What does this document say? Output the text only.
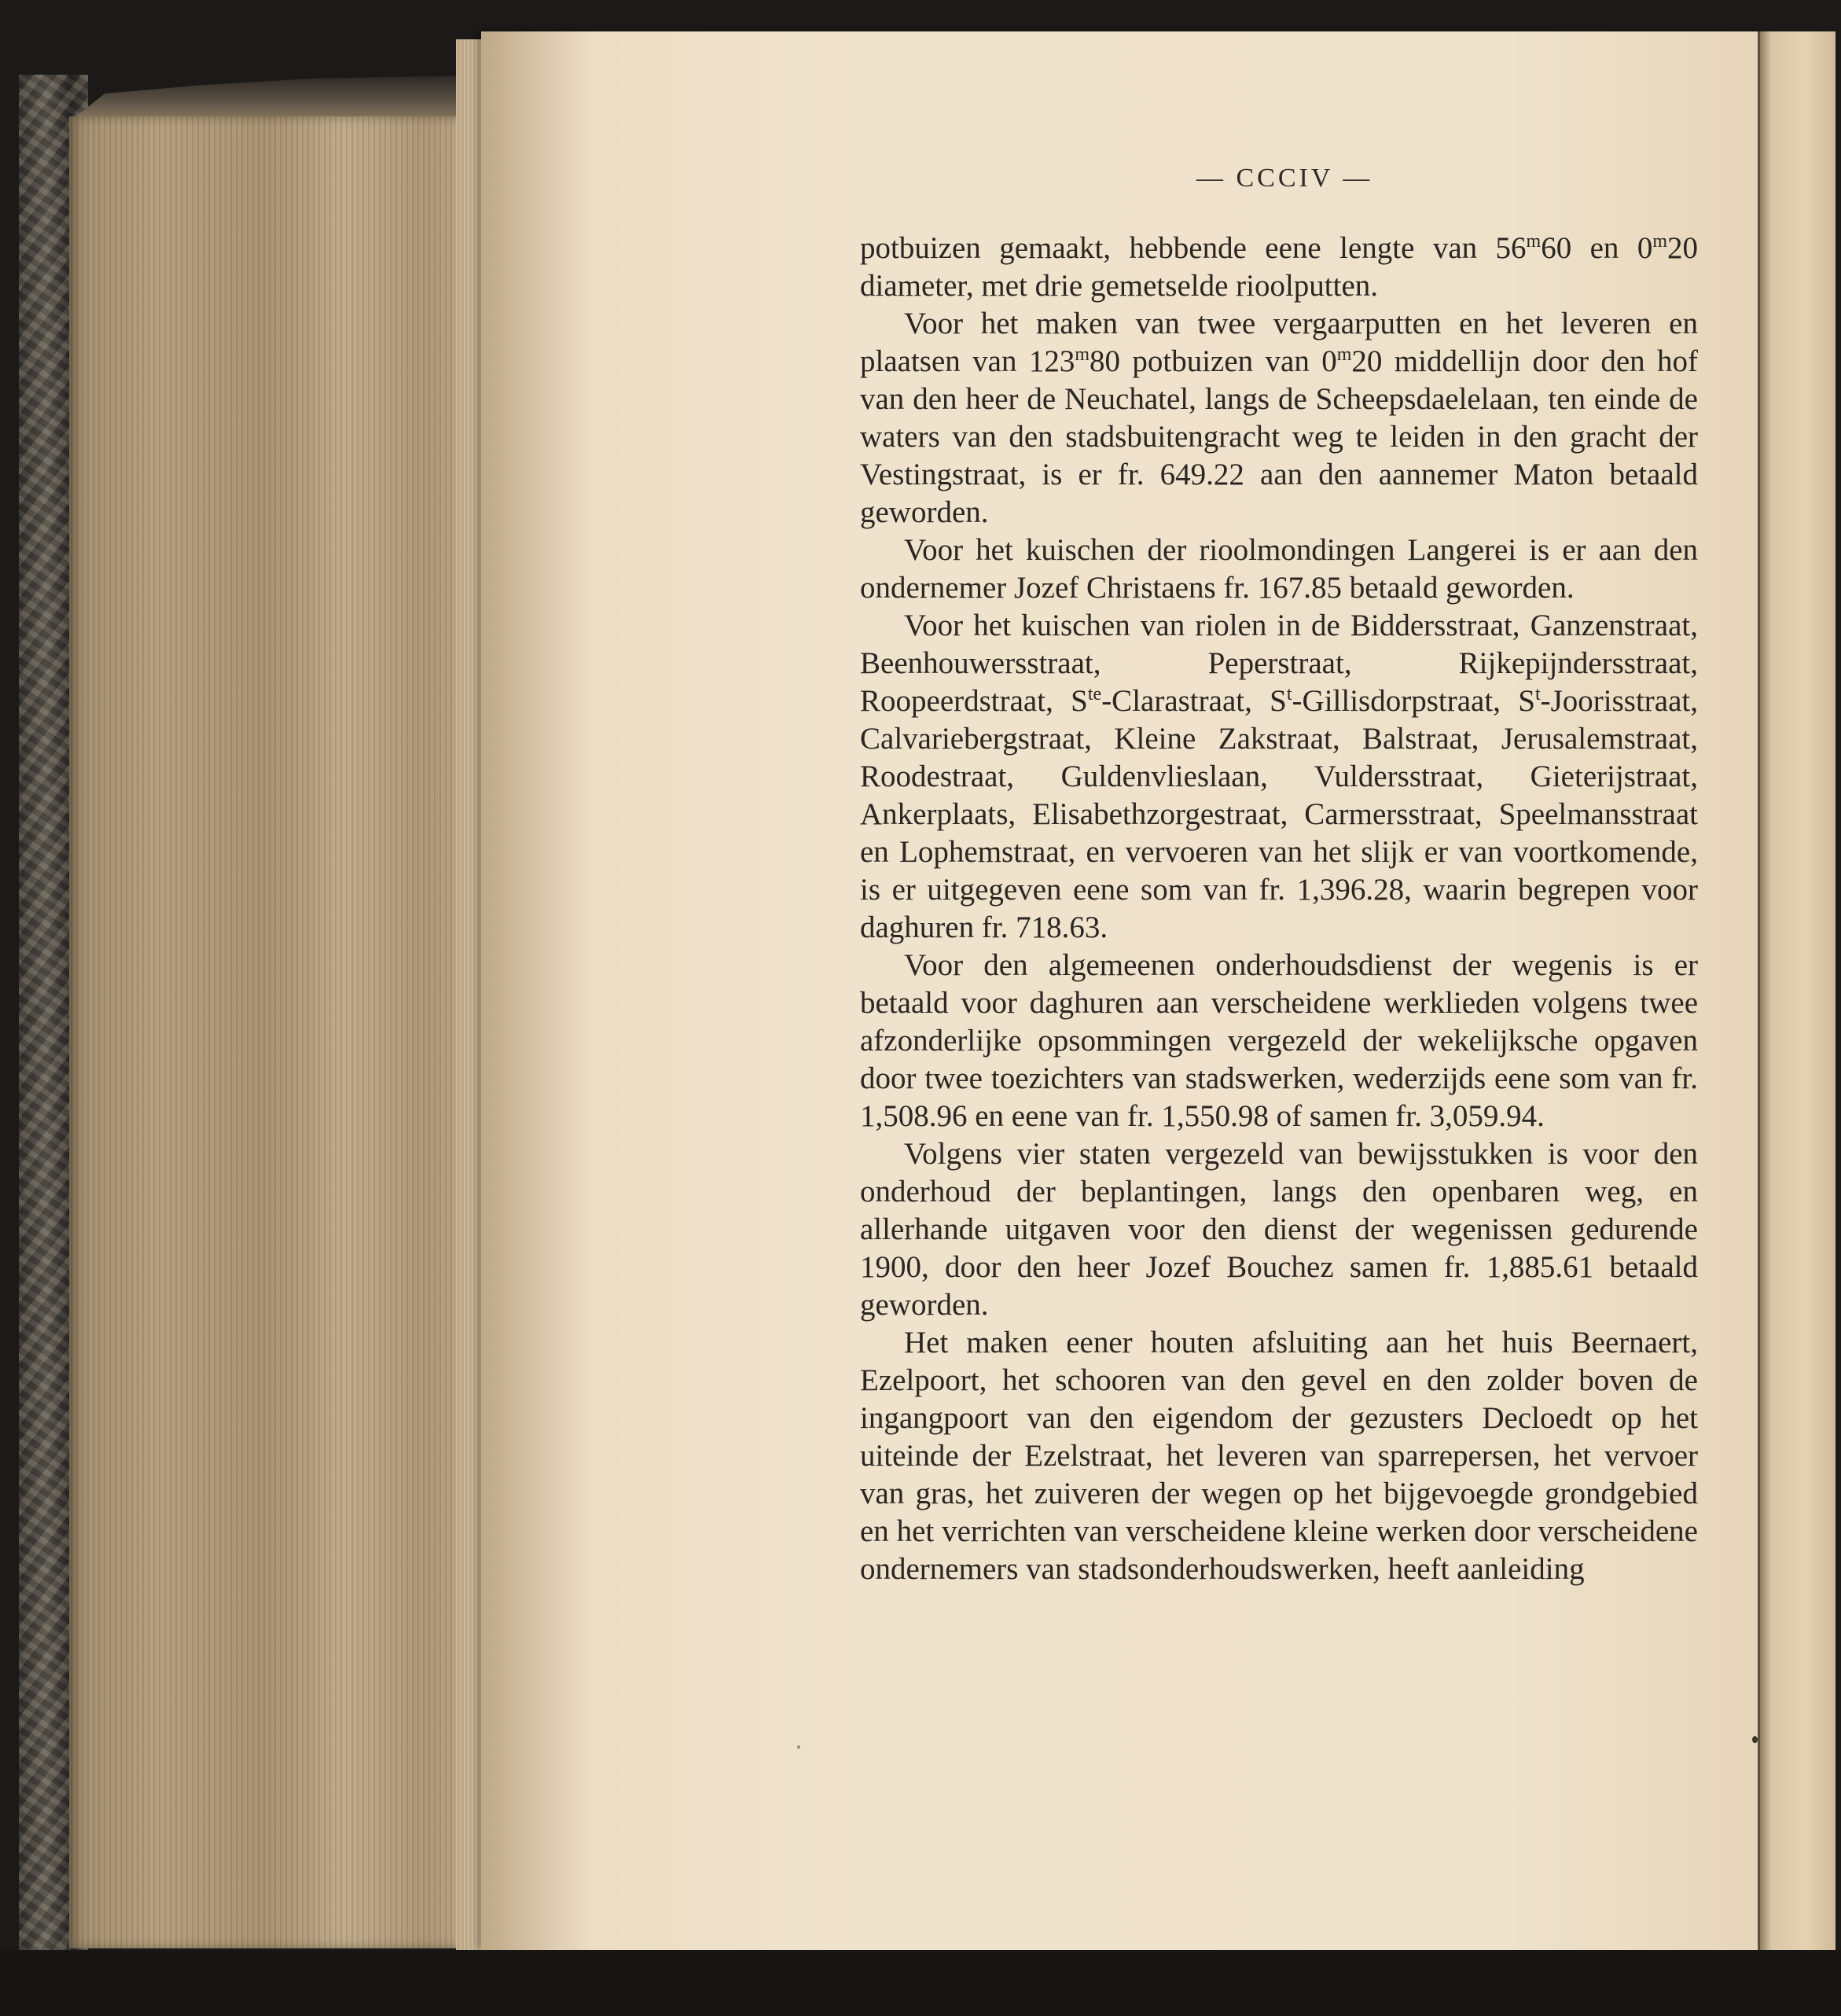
— CCCIV —

potbuizen gemaakt, hebbende eene lengte van 56$^m$60 en 0$^m$20 diameter, met drie gemetselde rioolputten.

Voor het maken van twee vergaarputten en het leveren en plaatsen van 123$^m$80 potbuizen van 0$^m$20 middellijn door den hof van den heer de Neuchatel, langs de Scheepsdaelelaan, ten einde de waters van den stadsbuitengracht weg te leiden in den gracht der Vestingstraat, is er fr. 649.22 aan den aannemer Maton betaald geworden.

Voor het kuischen der rioolmondingen Langerei is er aan den ondernemer Jozef Christaens fr. 167.85 betaald geworden.

Voor het kuischen van riolen in de Biddersstraat, Ganzenstraat, Beenhouwersstraat, Peperstraat, Rijkepijndersstraat, Roopeerdstraat, $S^{te}$-Clarastraat, $S^t$-Gillisdorpstraat, $S^t$-Joorisstraat, Calvariebergstraat, Kleine Zakstraat, Balstraat, Jerusalemstraat, Roodestraat, Guldenvlieslaan, Vuldersstraat, Gieterijstraat, Ankerplaats, Elisabethzorgestraat, Carmersstraat, Speelmansstraat en Lophemstraat, en vervoeren van het slijk er van voortkomende, is er uitgegeven eene som van fr. 1,396.28, waarin begrepen voor daghuren fr. 718.63.

Voor den algemeenen onderhoudsdienst der wegenis is er betaald voor daghuren aan verscheidene werklieden volgens twee afzonderlijke opsommingen vergezeld der wekelijksche opgaven door twee toezichters van stadswerken, wederzijds eene som van fr. 1,508.96 en eene van fr. 1,550.98 of samen fr. 3,059.94.

Volgens vier staten vergezeld van bewijsstukken is voor den onderhoud der beplantingen, langs den openbaren weg, en allerhande uitgaven voor den dienst der wegenissen gedurende 1900, door den heer Jozef Bouchez samen fr. 1,885.61 betaald geworden.

Het maken eener houten afsluiting aan het huis Beernaert, Ezelpoort, het schooren van den gevel en den zolder boven de ingangpoort van den eigendom der gezusters Decloedt op het uiteinde der Ezelstraat, het leveren van sparrepersen, het vervoer van gras, het zuiveren der wegen op het bijgevoegde grondgebied en het verrichten van verscheidene kleine werken door verscheidene ondernemers van stadsonderhoudswerken, heeft aanleiding
